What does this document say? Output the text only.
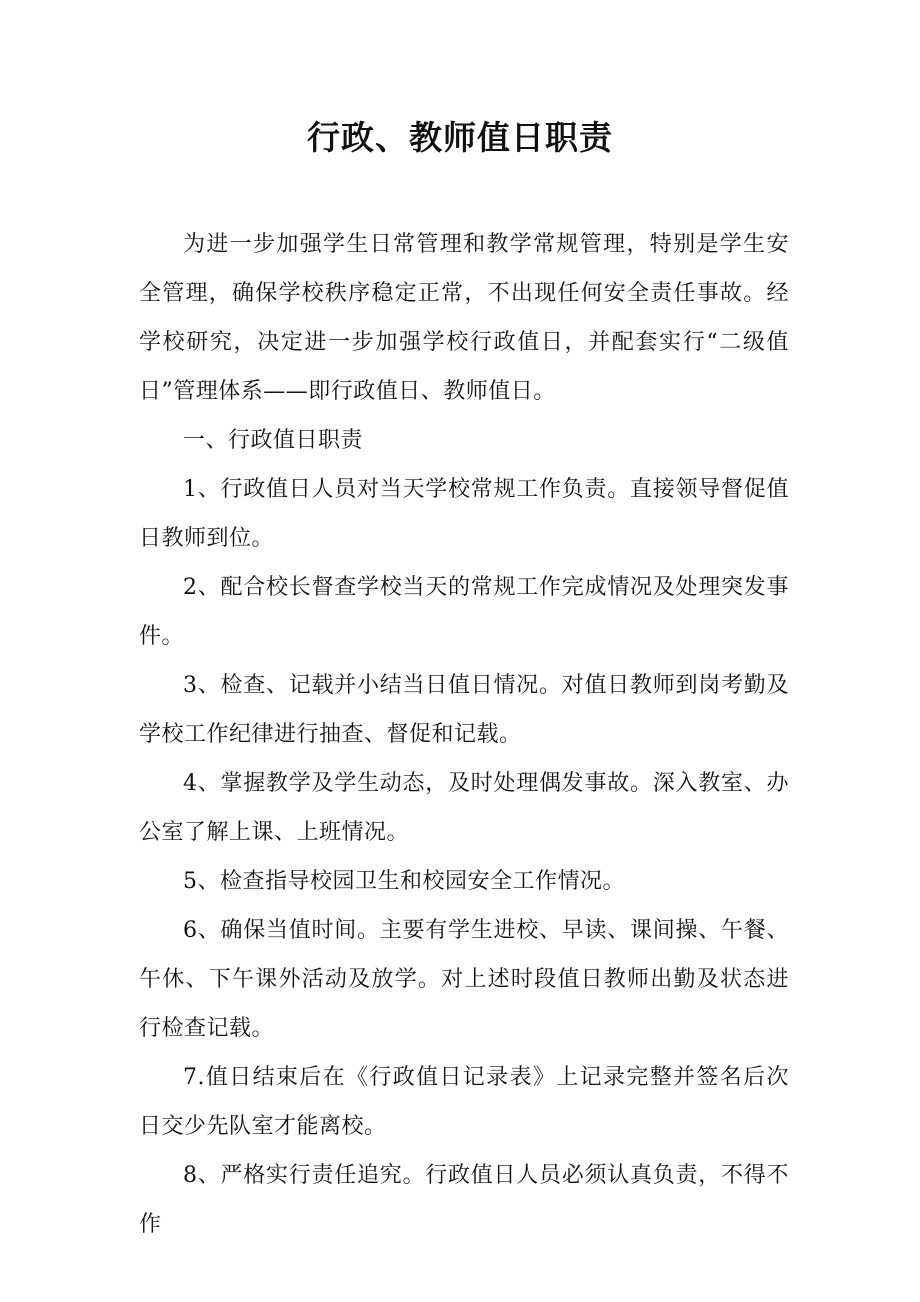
行政、教师值日职责

为进一步加强学生日常管理和教学常规管理，特别是学生安全管理，确保学校秩序稳定正常，不出现任何安全责任事故。经学校研究，决定进一步加强学校行政值日，并配套实行“二级值日”管理体系——即行政值日、教师值日。

一、行政值日职责

1、行政值日人员对当天学校常规工作负责。直接领导督促值日教师到位。

2、配合校长督查学校当天的常规工作完成情况及处理突发事件。

3、检查、记载并小结当日值日情况。对值日教师到岗考勤及学校工作纪律进行抽查、督促和记载。

4、掌握教学及学生动态，及时处理偶发事故。深入教室、办公室了解上课、上班情况。

5、检查指导校园卫生和校园安全工作情况。

6、确保当值时间。主要有学生进校、早读、课间操、午餐、午休、下午课外活动及放学。对上述时段值日教师出勤及状态进行检查记载。

7.值日结束后在《行政值日记录表》上记录完整并签名后次日交少先队室才能离校。

8、严格实行责任追究。行政值日人员必须认真负责，不得不作
